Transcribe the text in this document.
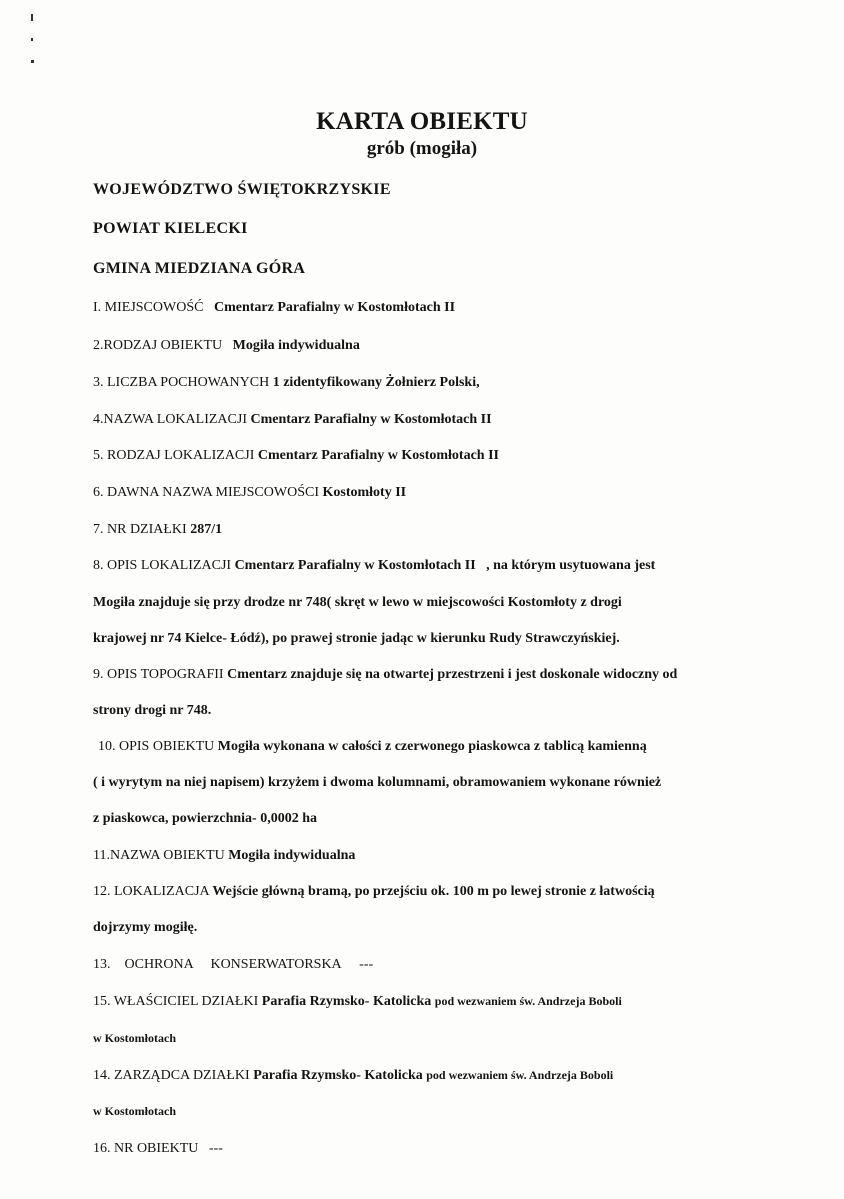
KARTA OBIEKTU
grób (mogiła)
WOJEWÓDZTWO ŚWIĘTOKRZYSKIE
POWIAT KIELECKI
GMINA MIEDZIANA GÓRA
I. MIEJSCOWOŚĆ Cmentarz Parafialny w Kostomłotach II
2.RODZAJ OBIEKTU Mogiła indywidualna
3. LICZBA POCHOWANYCH 1 zidentyfikowany Żołnierz Polski,
4.NAZWA LOKALIZACJI Cmentarz Parafialny w Kostomłotach II
5. RODZAJ LOKALIZACJI Cmentarz Parafialny w Kostomłotach II
6. DAWNA NAZWA MIEJSCOWOŚCI Kostomłoty II
7. NR DZIAŁKI 287/1
8. OPIS LOKALIZACJI Cmentarz Parafialny w Kostomłotach II   , na którym usytuowana jest
Mogiła znajduje się przy drodze nr 748( skręt w lewo w miejscowości Kostomłoty z drogi
krajowej nr 74 Kielce- Łódź), po prawej stronie jadąc w kierunku Rudy Strawczyńskiej.
9. OPIS TOPOGRAFII Cmentarz znajduje się na otwartej przestrzeni i jest doskonale widoczny od
strony drogi nr 748.
10. OPIS OBIEKTU Mogiła wykonana w całości z czerwonego piaskowca z tablicą kamienną
( i wyrytym na niej napisem) krzyżem i dwoma kolumnami, obramowaniem wykonane również
z piaskowca, powierzchnia- 0,0002 ha
11.NAZWA OBIEKTU Mogiła indywidualna
12. LOKALIZACJA Wejście główną bramą, po przejściu ok. 100 m po lewej stronie z łatwością
dojrzymy mogiłę.
13.    OCHRONA     KONSERWATORSKA ---
15. WŁAŚCICIEL DZIAŁKI Parafia Rzymsko- Katolicka pod wezwaniem św. Andrzeja Boboli
w Kostomłotach
14. ZARZĄDCA DZIAŁKI Parafia Rzymsko- Katolicka pod wezwaniem św. Andrzeja Boboli
w Kostomłotach
16. NR OBIEKTU ---
